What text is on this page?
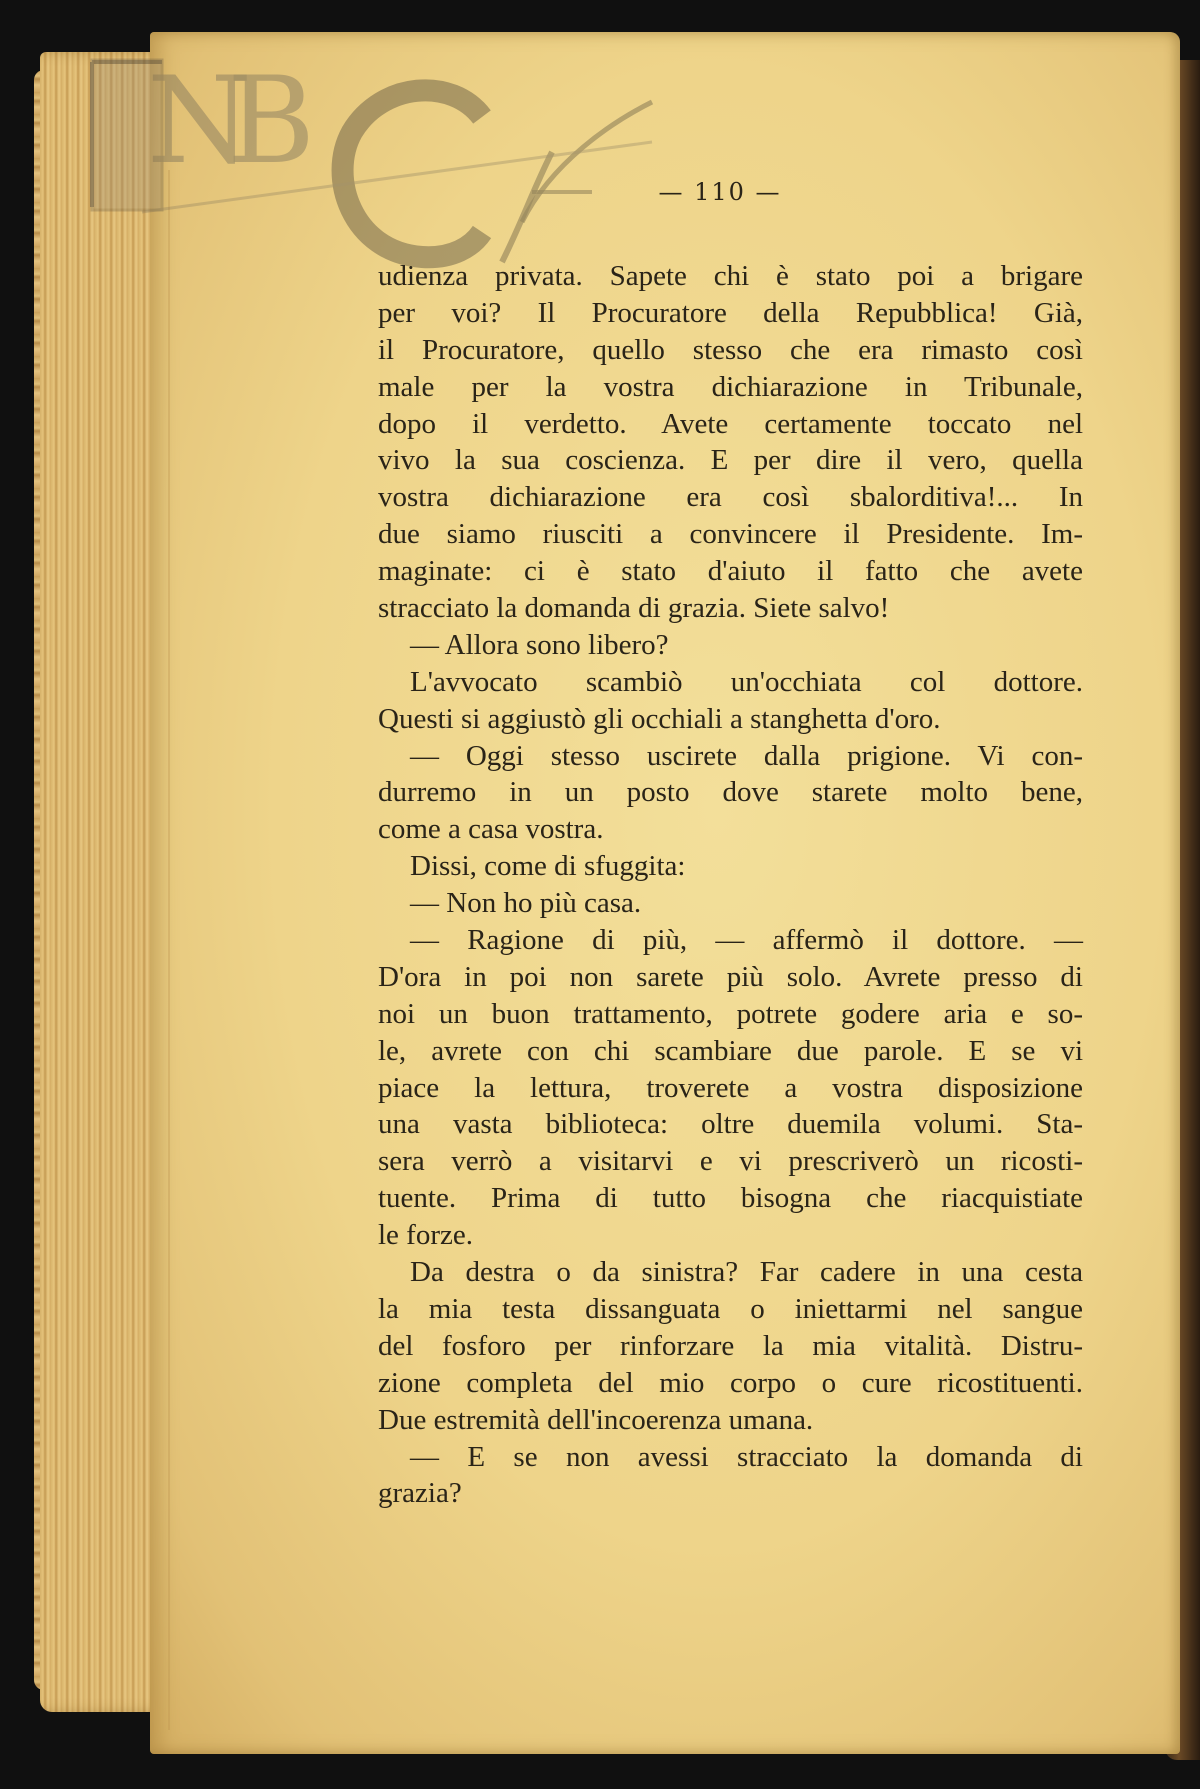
N
B
— 110 —
udienza privata. Sapete chi è stato poi a brigare
per voi? Il Procuratore della Repubblica! Già,
il Procuratore, quello stesso che era rimasto così
male per la vostra dichiarazione in Tribunale,
dopo il verdetto. Avete certamente toccato nel
vivo la sua coscienza. E per dire il vero, quella
vostra dichiarazione era così sbalorditiva!... In
due siamo riusciti a convincere il Presidente. Im-
maginate: ci è stato d'aiuto il fatto che avete
stracciato la domanda di grazia. Siete salvo!
— Allora sono libero?
L'avvocato scambiò un'occhiata col dottore.
Questi si aggiustò gli occhiali a stanghetta d'oro.
— Oggi stesso uscirete dalla prigione. Vi con-
durremo in un posto dove starete molto bene,
come a casa vostra.
Dissi, come di sfuggita:
— Non ho più casa.
— Ragione di più, — affermò il dottore. —
D'ora in poi non sarete più solo. Avrete presso di
noi un buon trattamento, potrete godere aria e so-
le, avrete con chi scambiare due parole. E se vi
piace la lettura, troverete a vostra disposizione
una vasta biblioteca: oltre duemila volumi. Sta-
sera verrò a visitarvi e vi prescriverò un ricosti-
tuente. Prima di tutto bisogna che riacquistiate
le forze.
Da destra o da sinistra? Far cadere in una cesta
la mia testa dissanguata o iniettarmi nel sangue
del fosforo per rinforzare la mia vitalità. Distru-
zione completa del mio corpo o cure ricostituenti.
Due estremità dell'incoerenza umana.
— E se non avessi stracciato la domanda di
grazia?
